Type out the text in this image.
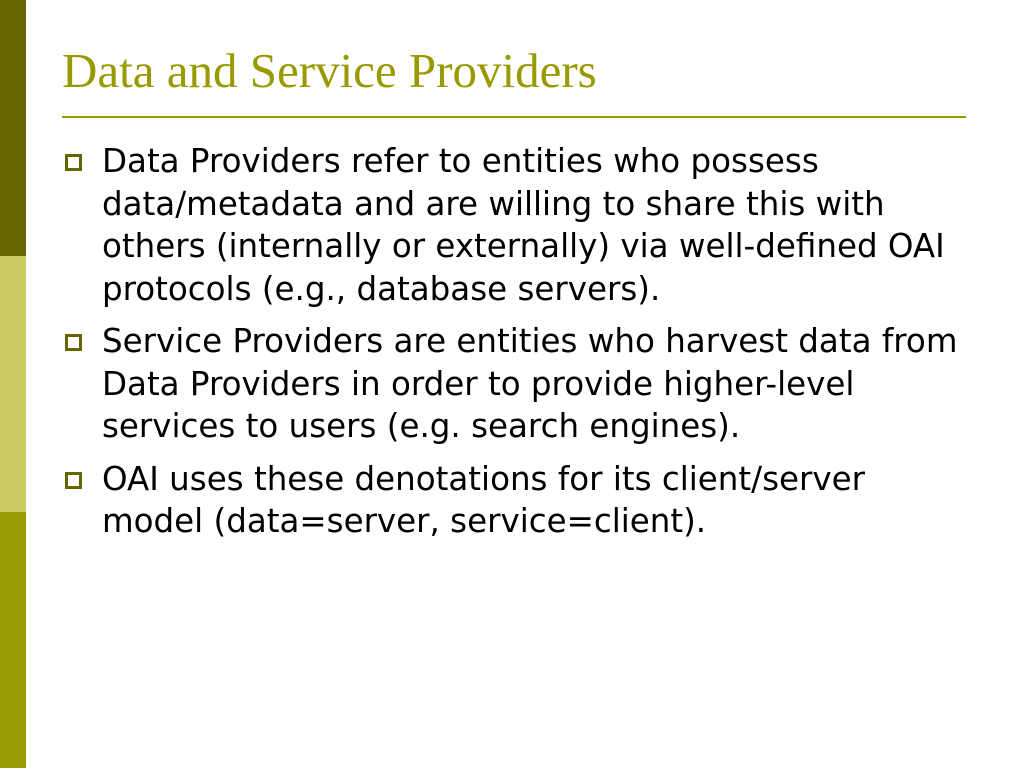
Data and Service Providers
Data Providers refer to entities who possess data/metadata and are willing to share this with others (internally or externally) via well-defined OAI protocols (e.g., database servers).
Service Providers are entities who harvest data from Data Providers in order to provide higher-level services to users (e.g. search engines).
OAI uses these denotations for its client/server model (data=server, service=client).
